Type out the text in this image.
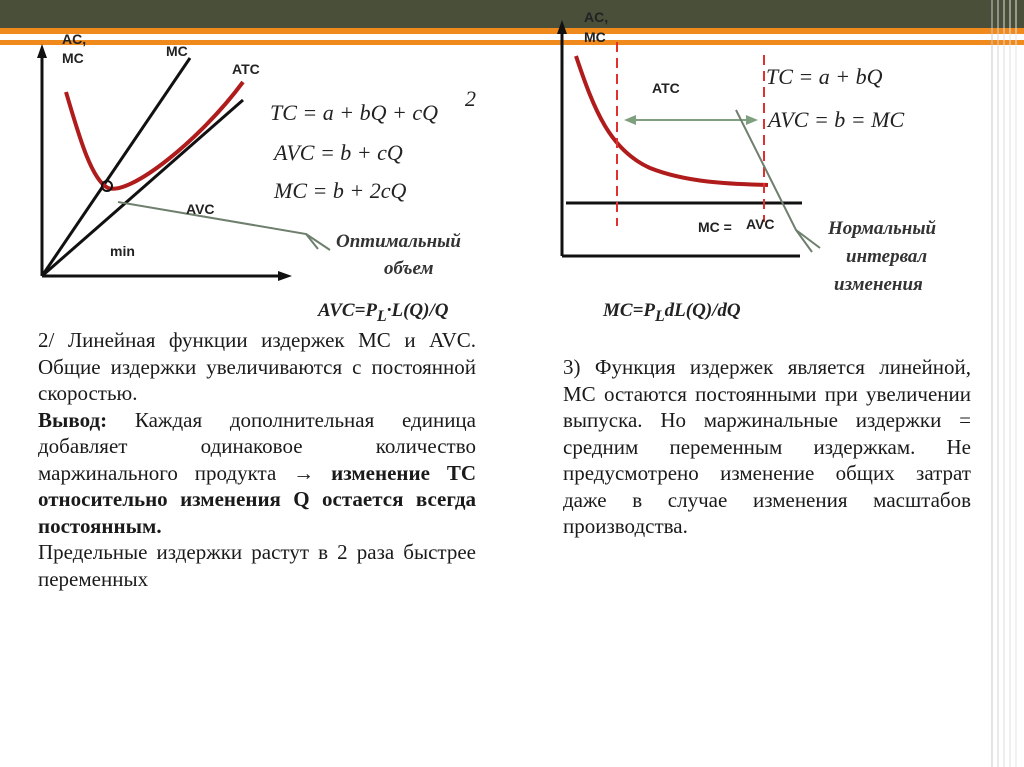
AC,
MC	MC
ATC
AVC
min
TC = a + bQ + cQ
2
AVC = b + cQ
MC = b + 2cQ
Оптимальный
объем
AC,
MC
ATC	TC = a + bQ
AVC = b = MC
MC = AVC	Нормальный
интервал
изменения
$AVC=P_L\cdot L(Q)/Q$	$MC=P_LdL(Q)/dQ$

2/ Линейная функции издержек МС и AVC. Общие издержки увеличиваются с постоянной скоростью.

Вывод: Каждая дополнительная единица добавляет одинаковое количество маржинального продукта → изменение ТС относительно изменения Q остается всегда постоянным.

Предельные издержки растут в 2 раза быстрее переменных

3) Функция издержек является линейной, МС остаются постоянными при увеличении выпуска. Но маржинальные издержки = средним переменным издержкам. Не предусмотрено изменение общих затрат даже в случае изменения масштабов производства.
